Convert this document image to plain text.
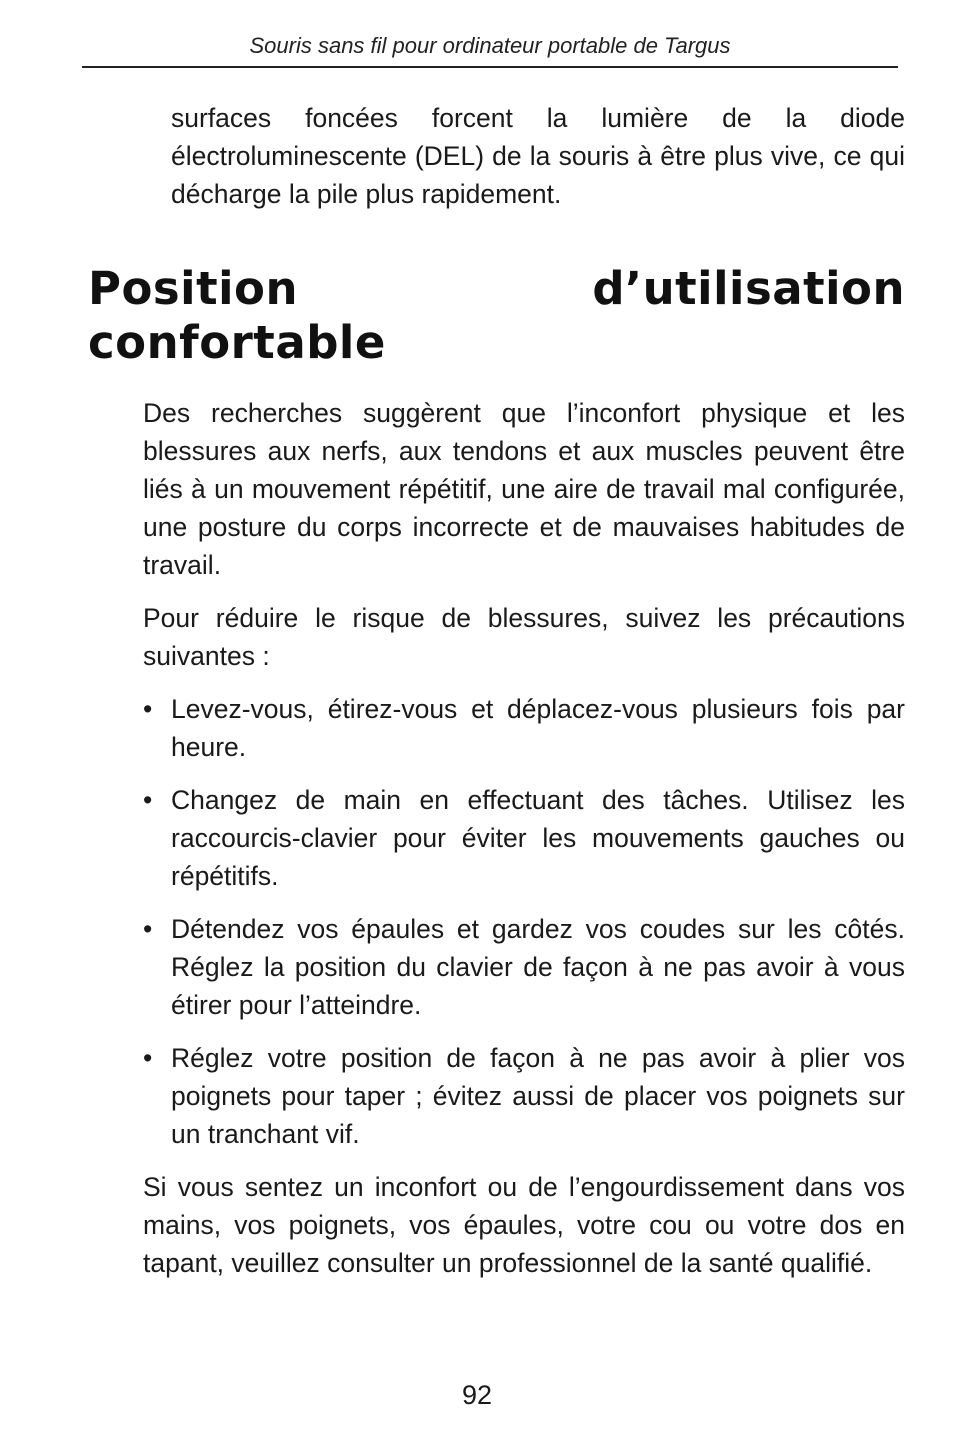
Souris sans fil pour ordinateur portable de Targus

surfaces foncées forcent la lumière de la diode électroluminescente (DEL) de la souris à être plus vive, ce qui décharge la pile plus rapidement.

Position d’utilisation confortable

Des recherches suggèrent que l’inconfort physique et les blessures aux nerfs, aux tendons et aux muscles peuvent être liés à un mouvement répétitif, une aire de travail mal configurée, une posture du corps incorrecte et de mauvaises habitudes de travail.

Pour réduire le risque de blessures, suivez les précautions suivantes :

• Levez-vous, étirez-vous et déplacez-vous plusieurs fois par heure.

• Changez de main en effectuant des tâches. Utilisez les raccourcis-clavier pour éviter les mouvements gauches ou répétitifs.

• Détendez vos épaules et gardez vos coudes sur les côtés. Réglez la position du clavier de façon à ne pas avoir à vous étirer pour l’atteindre.

• Réglez votre position de façon à ne pas avoir à plier vos poignets pour taper ; évitez aussi de placer vos poignets sur un tranchant vif.

Si vous sentez un inconfort ou de l’engourdissement dans vos mains, vos poignets, vos épaules, votre cou ou votre dos en tapant, veuillez consulter un professionnel de la santé qualifié.

92
